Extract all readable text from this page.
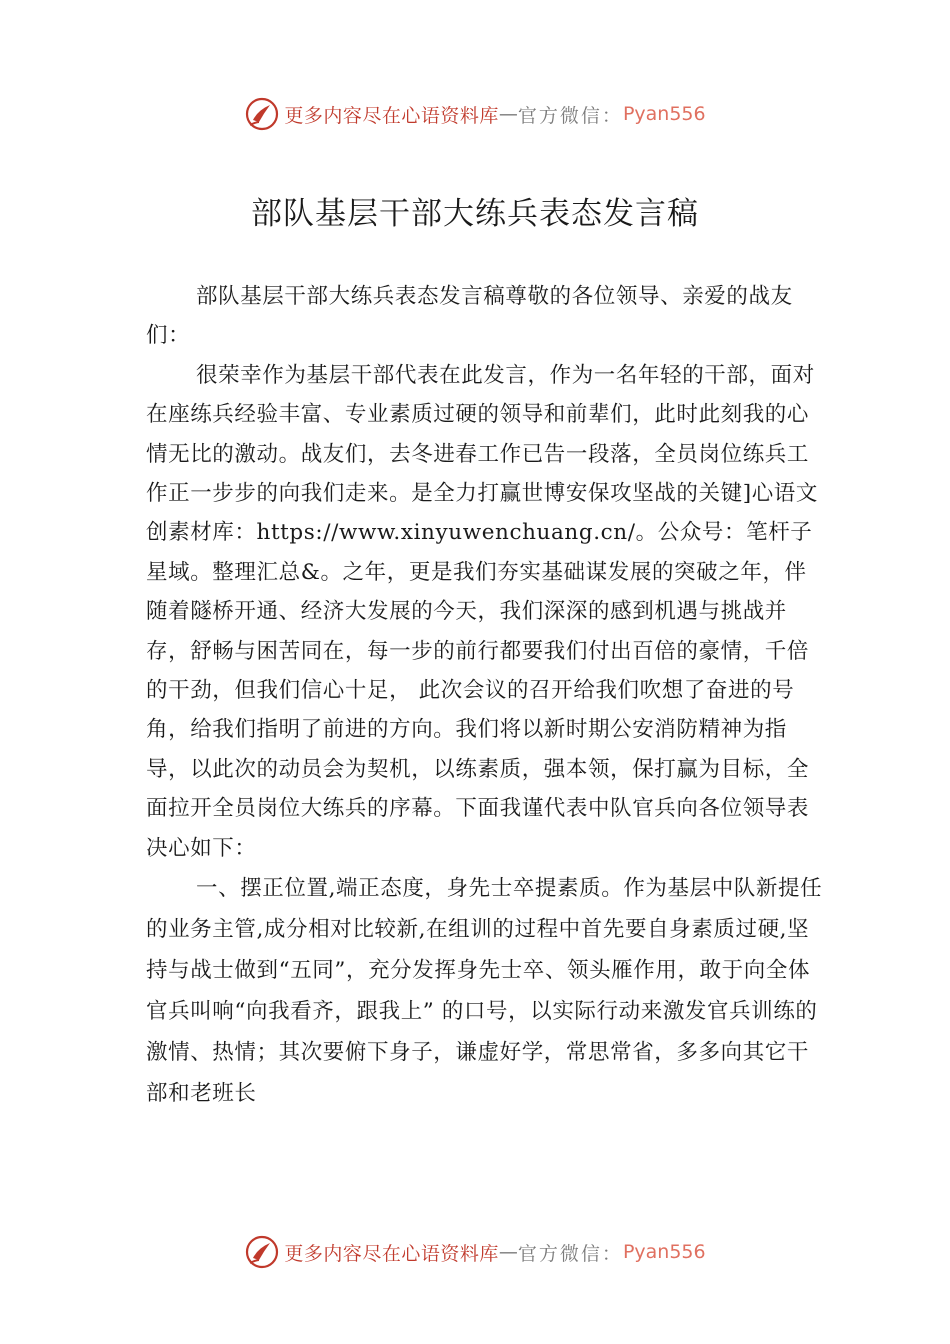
更多内容尽在心语资料库 — 官方微信： Pyan556
部队基层干部大练兵表态发言稿

部队基层干部大练兵表态发言稿尊敬的各位领导、亲爱的战友们：

很荣幸作为基层干部代表在此发言，作为一名年轻的干部，面对在座练兵经验丰富、专业素质过硬的领导和前辈们，此时此刻我的心情无比的激动。战友们，去冬进春工作已告一段落，全员岗位练兵工作正一步步的向我们走来。是全力打赢世博安保攻坚战的关键]心语文创素材库：https://www.xinyuwenchuang.cn/。公众号：笔杆子星域。整理汇总&。之年，更是我们夯实基础谋发展的突破之年，伴随着隧桥开通、经济大发展的今天，我们深深的感到机遇与挑战并存，舒畅与困苦同在，每一步的前行都要我们付出百倍的豪情，千倍的干劲，但我们信心十足， 此次会议的召开给我们吹想了奋进的号角，给我们指明了前进的方向。我们将以新时期公安消防精神为指导，以此次的动员会为契机，以练素质，强本领，保打赢为目标，全面拉开全员岗位大练兵的序幕。下面我谨代表中队官兵向各位领导表决心如下：

一、摆正位置,端正态度，身先士卒提素质。作为基层中队新提任的业务主管,成分相对比较新,在组训的过程中首先要自身素质过硬,坚持与战士做到“五同”，充分发挥身先士卒、领头雁作用，敢于向全体官兵叫响“向我看齐，跟我上” 的口号，以实际行动来激发官兵训练的激情、热情；其次要俯下身子，谦虚好学，常思常省，多多向其它干部和老班长

更多内容尽在心语资料库 — 官方微信： Pyan556
